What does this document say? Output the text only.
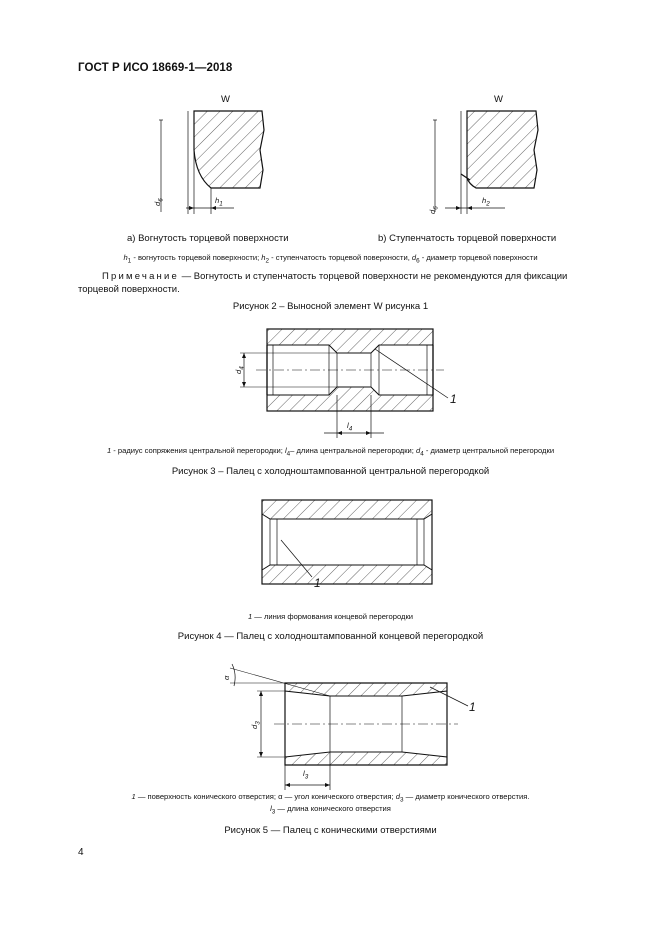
ГОСТ Р ИСО 18669-1—2018
W	W
$d_6$
$d_6$
$h_1$	$h_2$
a) Вогнутость торцевой поверхности	b) Ступенчатость торцевой поверхности
$h_1$ - вогнутость торцевой поверхности; $h_2$ - ступенчатость торцевой поверхности, $d_6$ - диаметр торцевой поверхности
Примечание — Вогнутость и ступенчатость торцевой поверхности не рекомендуются для фиксации
торцевой поверхности.
Рисунок 2 – Выносной элемент W рисунка 1
$d_4$
$l_4$
1
1 - радиус сопряжения центральной перегородки; $l_4-$ длина центральной перегородки; $d_4$ - диаметр центральной перегородки
Рисунок 3 – Палец с холодноштампованной центральной перегородкой
1
1 — линия формования концевой перегородки
Рисунок 4 — Палец с холодноштампованной концевой перегородкой
α
$d_3$
$l_3$
1
1 — поверхность конического отверстия; α — угол конического отверстия; $d_3$ — диаметр конического отверстия.
$l_3$ — длина конического отверстия
Рисунок 5 — Палец с коническими отверстиями
4
